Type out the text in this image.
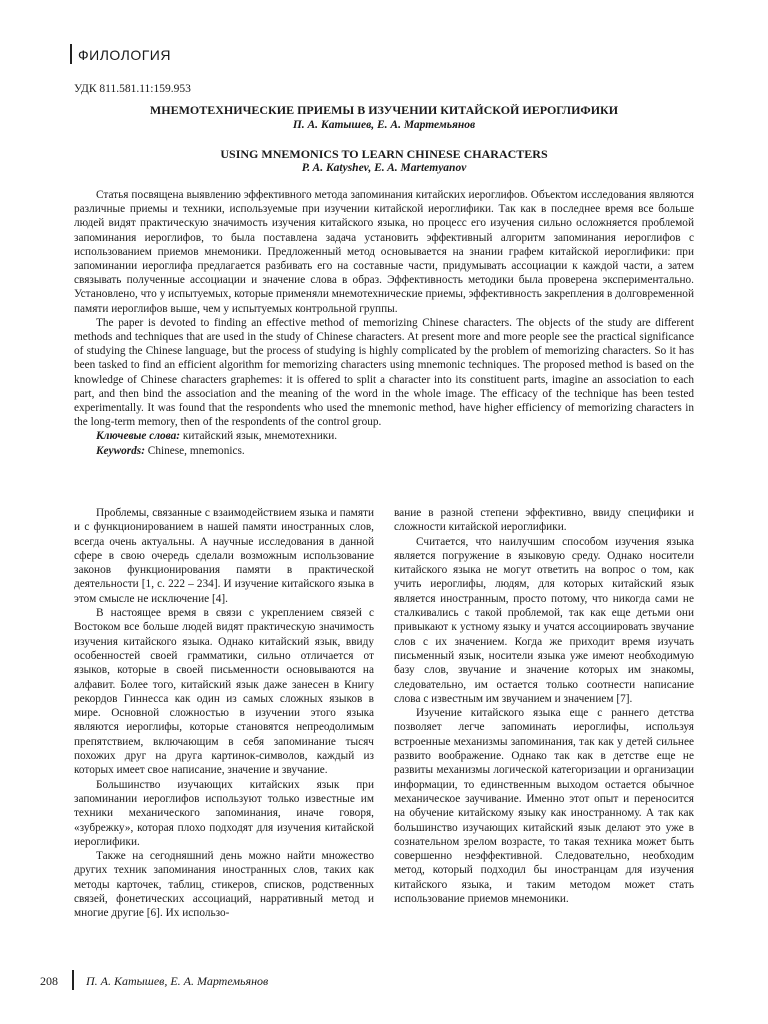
ФИЛОЛОГИЯ
УДК 811.581.11:159.953
МНЕМОТЕХНИЧЕСКИЕ ПРИЕМЫ В ИЗУЧЕНИИ КИТАЙСКОЙ ИЕРОГЛИФИКИ
П. А. Катышев, Е. А. Мартемьянов
USING MNEMONICS TO LEARN CHINESE CHARACTERS
P. A. Katyshev, E. A. Martemyanov

Статья посвящена выявлению эффективного метода запоминания китайских иероглифов. Объектом исследования являются различные приемы и техники, используемые при изучении китайской иероглифики. Так как в последнее время все больше людей видят практическую значимость изучения китайского языка, но процесс его изучения сильно осложняется проблемой запоминания иероглифов, то была поставлена задача установить эффективный алгоритм запоминания иероглифов с использованием приемов мнемоники. Предложенный метод основывается на знании графем китайской иероглифики: при запоминании иероглифа предлагается разбивать его на составные части, придумывать ассоциации к каждой части, а затем связывать полученные ассоциации и значение слова в образ. Эффективность методики была проверена экспериментально. Установлено, что у испытуемых, которые применяли мнемотехнические приемы, эффективность закрепления в долговременной памяти иероглифов выше, чем у испытуемых контрольной группы.

The paper is devoted to finding an effective method of memorizing Chinese characters. The objects of the study are different methods and techniques that are used in the study of Chinese characters. At present more and more people see the practical significance of studying the Chinese language, but the process of studying is highly complicated by the problem of memorizing characters. So it has been tasked to find an efficient algorithm for memorizing characters using mnemonic techniques. The proposed method is based on the knowledge of Chinese characters graphemes: it is offered to split a character into its constituent parts, imagine an association to each part, and then bind the association and the meaning of the word in the whole image. The efficacy of the technique has been tested experimentally. It was found that the respondents who used the mnemonic method, have higher efficiency of memorizing characters in the long-term memory, then of the respondents of the control group.

Ключевые слова: китайский язык, мнемотехники.

Keywords: Chinese, mnemonics.

Проблемы, связанные с взаимодействием языка и памяти и с функционированием в нашей памяти иностранных слов, всегда очень актуальны. А научные исследования в данной сфере в свою очередь сделали возможным использование законов функционирования памяти в практической деятельности [1, с. 222 – 234]. И изучение китайского языка в этом смысле не исключение [4].

В настоящее время в связи с укреплением связей с Востоком все больше людей видят практическую значимость изучения китайского языка. Однако китайский язык, ввиду особенностей своей грамматики, сильно отличается от языков, которые в своей письменности основываются на алфавит. Более того, китайский язык даже занесен в Книгу рекордов Гиннесса как один из самых сложных языков в мире. Основной сложностью в изучении этого языка являются иероглифы, которые становятся непреодолимым препятствием, включающим в себя запоминание тысяч похожих друг на друга картинок-символов, каждый из которых имеет свое написание, значение и звучание.

Большинство изучающих китайских язык при запоминании иероглифов используют только известные им техники механического запоминания, иначе говоря, «зубрежку», которая плохо подходят для изучения китайской иероглифики.

Также на сегодняшний день можно найти множество других техник запоминания иностранных слов, таких как методы карточек, таблиц, стикеров, списков, родственных связей, фонетических ассоциаций, нарративный метод и многие другие [6]. Их использо-

вание в разной степени эффективно, ввиду специфики и сложности китайской иероглифики.

Считается, что наилучшим способом изучения языка является погружение в языковую среду. Однако носители китайского языка не могут ответить на вопрос о том, как учить иероглифы, людям, для которых китайский язык является иностранным, просто потому, что никогда сами не сталкивались с такой проблемой, так как еще детьми они привыкают к устному языку и учатся ассоциировать звучание слов с их значением. Когда же приходит время изучать письменный язык, носители языка уже имеют необходимую базу слов, звучание и значение которых им знакомы, следовательно, им остается только соотнести написание слова с известным им звучанием и значением [7].

Изучение китайского языка еще с раннего детства позволяет легче запоминать иероглифы, используя встроенные механизмы запоминания, так как у детей сильнее развито воображение. Однако так как в детстве еще не развиты механизмы логической категоризации и организации информации, то единственным выходом остается обычное механическое заучивание. Именно этот опыт и переносится на обучение китайскому языку как иностранному. А так как большинство изучающих китайский язык делают это уже в сознательном зрелом возрасте, то такая техника может быть совершенно неэффективной. Следовательно, необходим метод, который подходил бы иностранцам для изучения китайского языка, и таким методом может стать использование приемов мнемоники.

208 П. А. Катышев, Е. А. Мартемьянов
